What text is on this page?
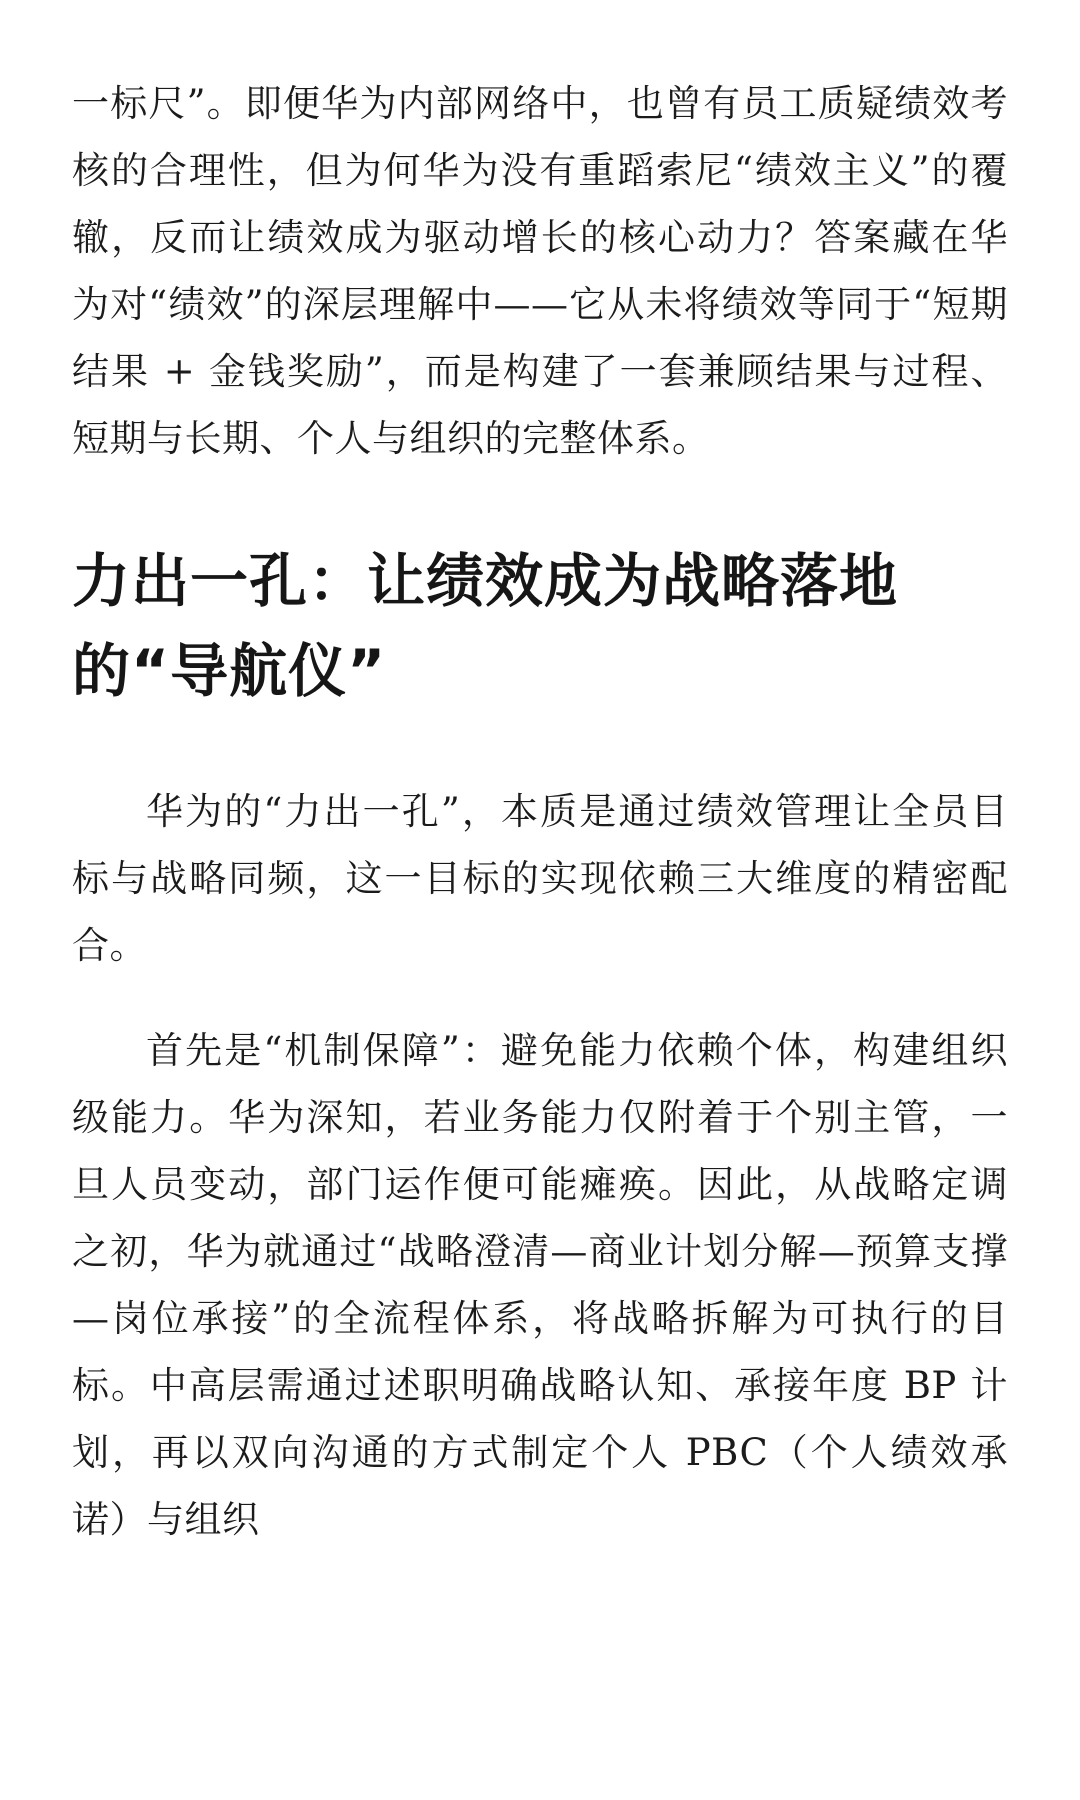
一标尺”。即便华为内部网络中，也曾有员工质疑绩效考核的合理性，但为何华为没有重蹈索尼“绩效主义”的覆辙，反而让绩效成为驱动增长的核心动力？答案藏在华为对“绩效”的深层理解中——它从未将绩效等同于“短期结果 + 金钱奖励”，而是构建了一套兼顾结果与过程、短期与长期、个人与组织的完整体系。

力出一孔：让绩效成为战略落地的“导航仪”

华为的“力出一孔”，本质是通过绩效管理让全员目标与战略同频，这一目标的实现依赖三大维度的精密配合。

首先是“机制保障”：避免能力依赖个体，构建组织级能力。华为深知，若业务能力仅附着于个别主管，一旦人员变动，部门运作便可能瘫痪。因此，从战略定调之初，华为就通过“战略澄清—商业计划分解—预算支撑—岗位承接”的全流程体系，将战略拆解为可执行的目标。中高层需通过述职明确战略认知、承接年度 BP 计划，再以双向沟通的方式制定个人 PBC（个人绩效承诺）与组织
